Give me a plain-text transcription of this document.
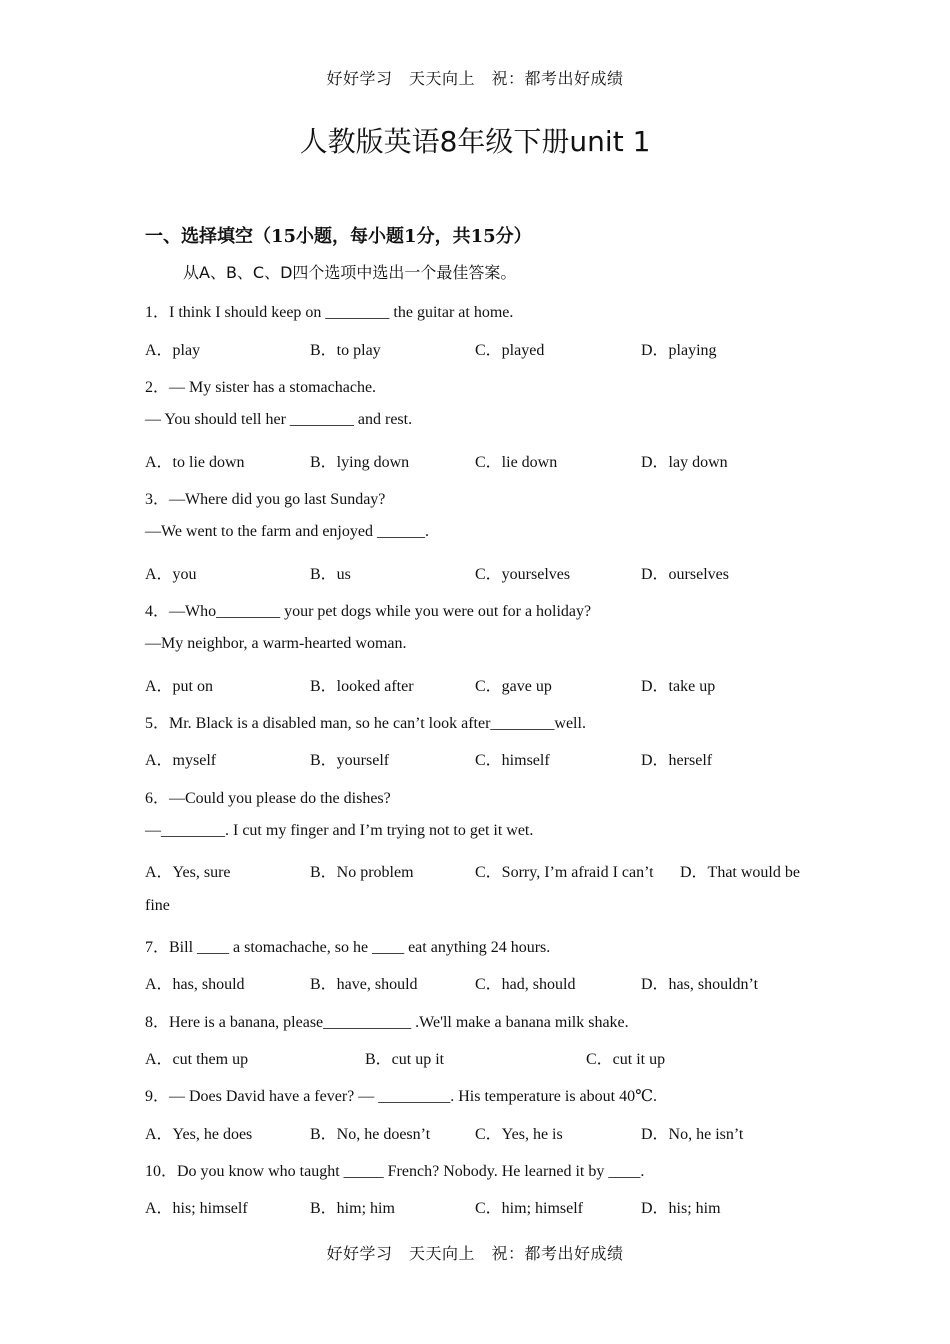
好好学习　天天向上　祝：都考出好成绩
人教版英语8年级下册unit 1
一、选择填空（15小题，每小题1分，共15分）
从A、B、C、D四个选项中选出一个最佳答案。
1．I think I should keep on ________ the guitar at home.
A．play	B．to play	C．played	D．playing
2．— My sister has a stomachache.
— You should tell her ________ and rest.
A．to lie down	B．lying down	C．lie down	D．lay down
3．—Where did you go last Sunday?
—We went to the farm and enjoyed ______.
A．you	B．us	C．yourselves	D．ourselves
4．—Who________ your pet dogs while you were out for a holiday?
—My neighbor, a warm-hearted woman.
A．put on	B．looked after	C．gave up	D．take up
5．Mr. Black is a disabled man, so he can’t look after________well.
A．myself	B．yourself	C．himself	D．herself
6．—Could you please do the dishes?
—________. I cut my finger and I’m trying not to get it wet.
A．Yes, sure	B．No problem	C．Sorry, I’m afraid I can’t D．That would be
fine
7．Bill ____ a stomachache, so he ____ eat anything 24 hours.
A．has, should	B．have, should	C．had, should	D．has, shouldn’t
8．Here is a banana, please___________ .We'll make a banana milk shake.
A．cut them up	B．cut up it	C．cut it up
9．— Does David have a fever? — _________. His temperature is about 40℃.
A．Yes, he does	B．No, he doesn’t	C．Yes, he is	D．No, he isn’t
10．Do you know who taught _____ French? Nobody. He learned it by ____.
A．his; himself	B．him; him	C．him; himself	D．his; him
好好学习　天天向上　祝：都考出好成绩
